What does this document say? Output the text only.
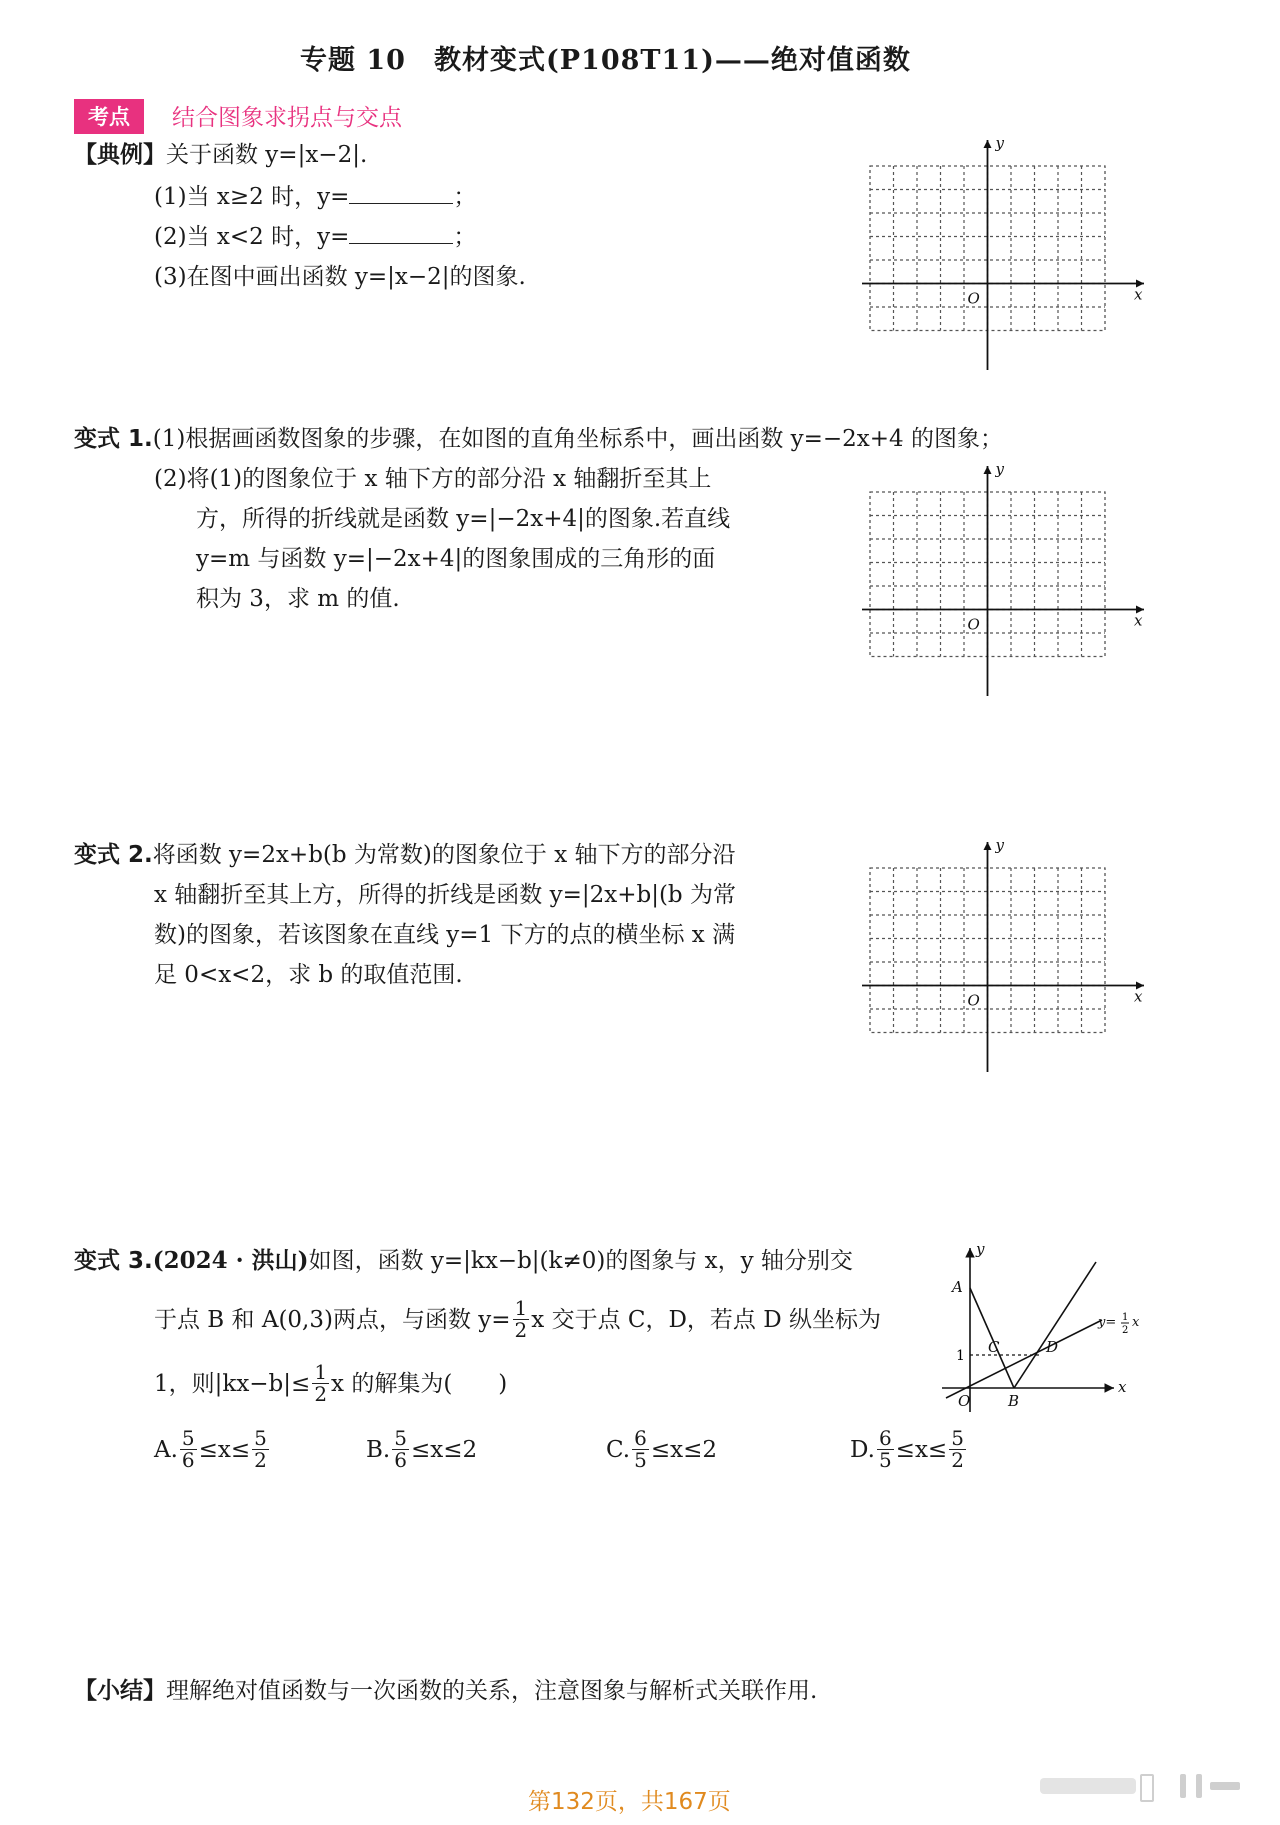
专题 10　教材变式(P108T11)——绝对值函数
考点	结合图象求拐点与交点
【典例】关于函数 y=|x−2|.
(1)当 x≥2 时，y=	；
(2)当 x<2 时，y=	；
(3)在图中画出函数 y=|x−2|的图象.
x
y
O
变式 1.(1)根据画函数图象的步骤，在如图的直角坐标系中，画出函数 y=−2x+4 的图象；
(2)将(1)的图象位于 x 轴下方的部分沿 x 轴翻折至其上
方，所得的折线就是函数 y=|−2x+4|的图象.若直线
y=m 与函数 y=|−2x+4|的图象围成的三角形的面
积为 3，求 m 的值.
x
y
O
变式 2.将函数 y=2x+b(b 为常数)的图象位于 x 轴下方的部分沿
x 轴翻折至其上方，所得的折线是函数 y=|2x+b|(b 为常
数)的图象，若该图象在直线 y=1 下方的点的横坐标 x 满
足 0<x<2，求 b 的取值范围.
x
y
O
变式 3.(2024 · 洪山)如图，函数 y=|kx−b|(k≠0)的图象与 x，y 轴分别交
于点 B 和 A(0,3)两点，与函数 $y= \frac{1}{2}$ x 交于点 C，D，若点 D 纵坐标为
1，则$|kx-b|\le \frac{1}{2}$ x 的解集为(　　)
A. $\frac{5}{6} \le x\le \frac{5}{2}$	B. $\frac{5}{6} \le x\le 2$	C. $\frac{6}{5} \le x\le 2$	D. $\frac{6}{5} \le x\le \frac{5}{2}$
A
B
C	D
O
1
x
y
y= 1
2
x
【小结】理解绝对值函数与一次函数的关系，注意图象与解析式关联作用.
第132页，共167页
